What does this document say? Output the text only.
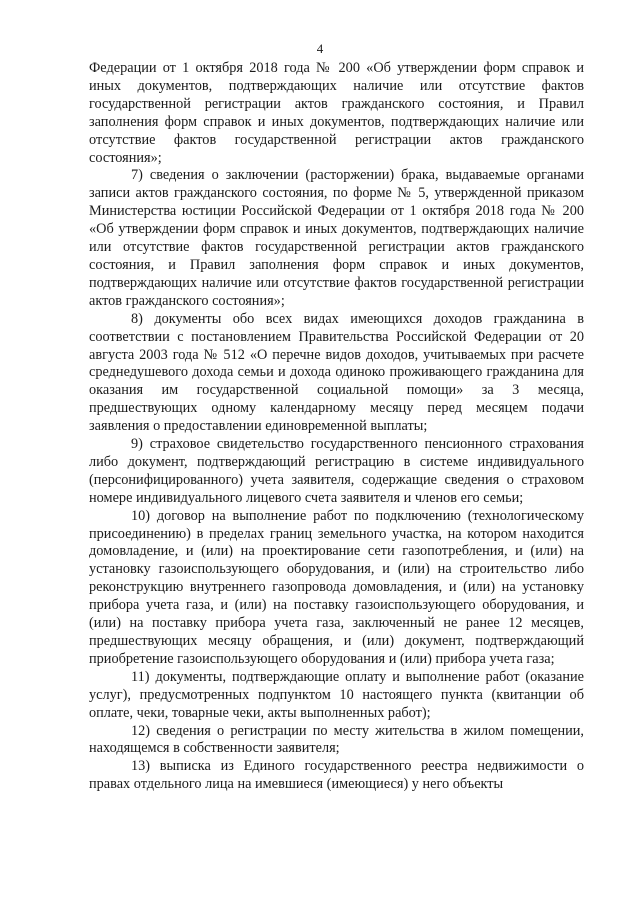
4

Федерации от 1 октября 2018 года № 200 «Об утверждении форм справок и иных документов, подтверждающих наличие или отсутствие фактов государственной регистрации актов гражданского состояния, и Правил заполнения форм справок и иных документов, подтверждающих наличие или отсутствие фактов государственной регистрации актов гражданского состояния»;

7) сведения о заключении (расторжении) брака, выдаваемые органами записи актов гражданского состояния, по форме № 5, утвержденной приказом Министерства юстиции Российской Федерации от 1 октября 2018 года № 200 «Об утверждении форм справок и иных документов, подтверждающих наличие или отсутствие фактов государственной регистрации актов гражданского состояния, и Правил заполнения форм справок и иных документов, подтверждающих наличие или отсутствие фактов государственной регистрации актов гражданского состояния»;

8) документы обо всех видах имеющихся доходов гражданина в соответствии с постановлением Правительства Российской Федерации от 20 августа 2003 года № 512 «О перечне видов доходов, учитываемых при расчете среднедушевого дохода семьи и дохода одиноко проживающего гражданина для оказания им государственной социальной помощи» за 3 месяца, предшествующих одному календарному месяцу перед месяцем подачи заявления о предоставлении единовременной выплаты;

9) страховое свидетельство государственного пенсионного страхования либо документ, подтверждающий регистрацию в системе индивидуального (персонифицированного) учета заявителя, содержащие сведения о страховом номере индивидуального лицевого счета заявителя и членов его семьи;

10) договор на выполнение работ по подключению (технологическому присоединению) в пределах границ земельного участка, на котором находится домовладение, и (или) на проектирование сети газопотребления, и (или) на установку газоиспользующего оборудования, и (или) на строительство либо реконструкцию внутреннего газопровода домовладения, и (или) на установку прибора учета газа, и (или) на поставку газоиспользующего оборудования, и (или) на поставку прибора учета газа, заключенный не ранее 12 месяцев, предшествующих месяцу обращения, и (или) документ, подтверждающий приобретение газоиспользующего оборудования и (или) прибора учета газа;

11) документы, подтверждающие оплату и выполнение работ (оказание услуг), предусмотренных подпунктом 10 настоящего пункта (квитанции об оплате, чеки, товарные чеки, акты выполненных работ);

12) сведения о регистрации по месту жительства в жилом помещении, находящемся в собственности заявителя;

13) выписка из Единого государственного реестра недвижимости о правах отдельного лица на имевшиеся (имеющиеся) у него объекты
